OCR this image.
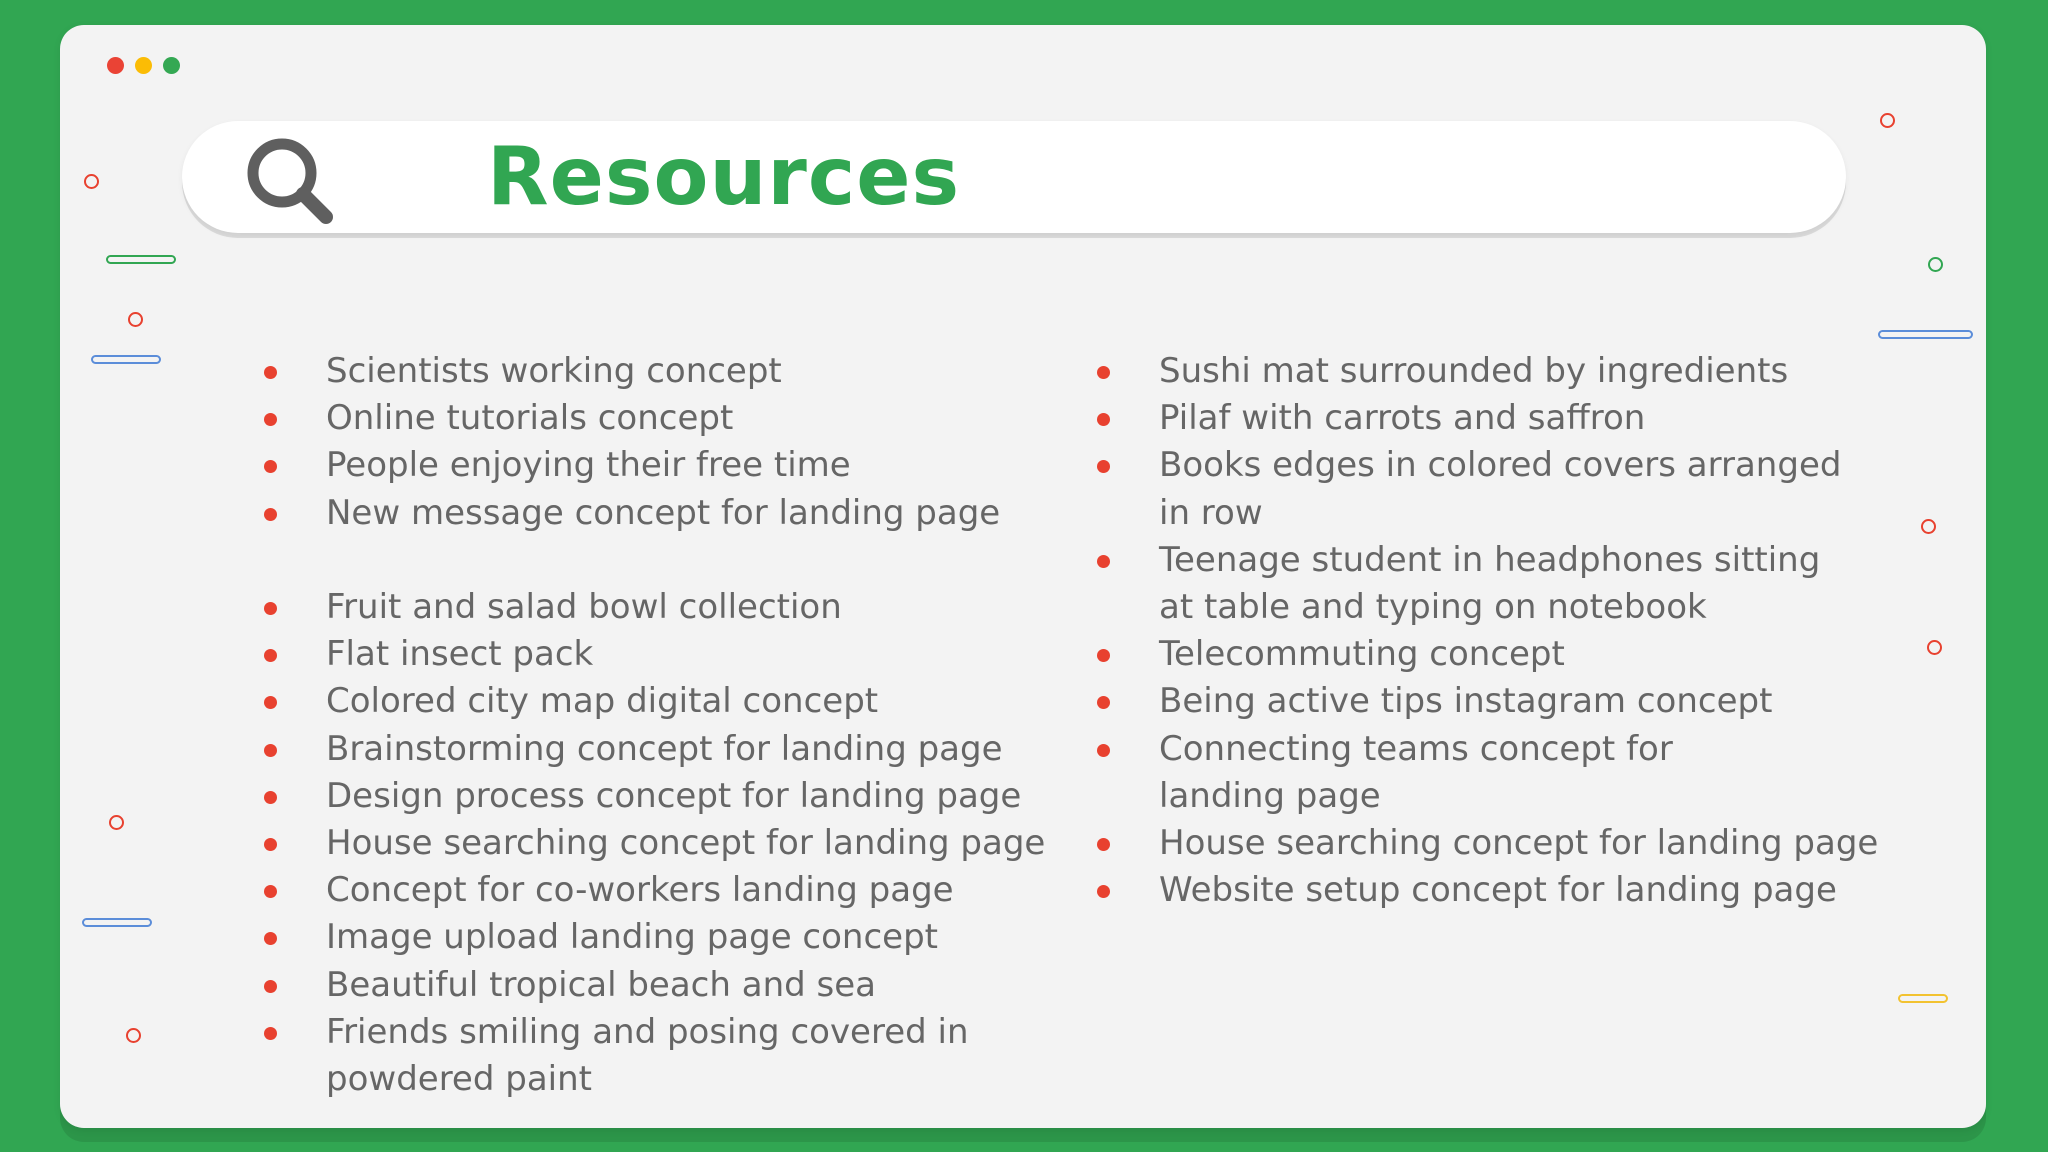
Resources
Scientists working concept
Online tutorials concept
People enjoying their free time
New message concept for landing page
Fruit and salad bowl collection
Flat insect pack
Colored city map digital concept
Brainstorming concept for landing page
Design process concept for landing page
House searching concept for landing page
Concept for co-workers landing page
Image upload landing page concept
Beautiful tropical beach and sea
Friends smiling and posing covered in powdered paint
Sushi mat surrounded by ingredients
Pilaf with carrots and saffron
Books edges in colored covers arranged in row
Teenage student in headphones sitting at table and typing on notebook
Telecommuting concept
Being active tips instagram concept
Connecting teams concept for landing page
House searching concept for landing page
Website setup concept for landing page
